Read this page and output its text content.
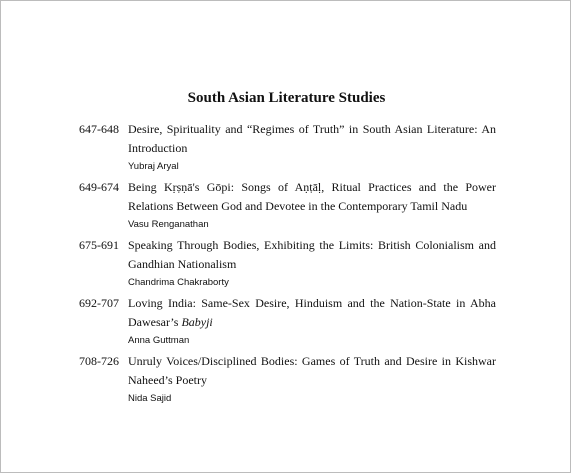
South Asian Literature Studies
647-648 Desire, Spirituality and “Regimes of Truth” in South Asian Literature: An
Introduction
Yubraj Aryal
649-674 Being Kṛṣṇā's Gōpi: Songs of Aṇṭāḷ, Ritual Practices and the Power
Relations Between God and Devotee in the Contemporary Tamil Nadu
Vasu Renganathan
675-691 Speaking Through Bodies, Exhibiting the Limits: British Colonialism and
Gandhian Nationalism
Chandrima Chakraborty
692-707 Loving India: Same-Sex Desire, Hinduism and the Nation-State in Abha
Dawesar’s Babyji
Anna Guttman
708-726 Unruly Voices/Disciplined Bodies: Games of Truth and Desire in Kishwar
Naheed’s Poetry
Nida Sajid
